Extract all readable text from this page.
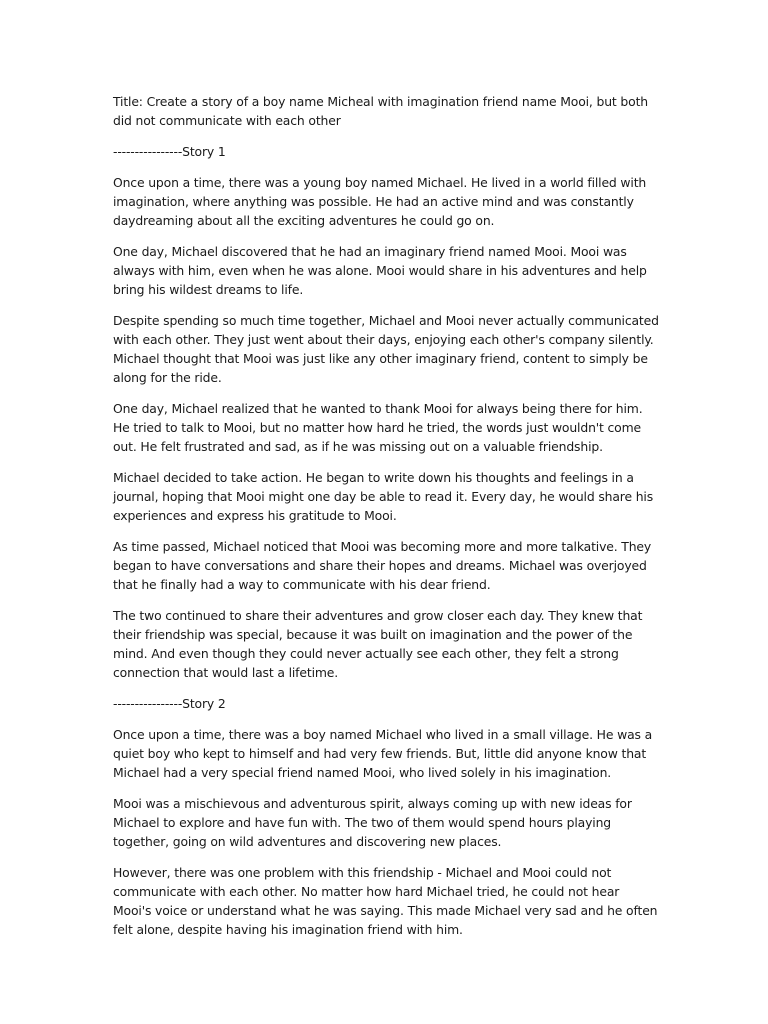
Title: Create a story of a boy name Micheal with imagination friend name Mooi, but both did not communicate with each other

----------------Story 1

Once upon a time, there was a young boy named Michael. He lived in a world filled with imagination, where anything was possible. He had an active mind and was constantly daydreaming about all the exciting adventures he could go on.

One day, Michael discovered that he had an imaginary friend named Mooi. Mooi was always with him, even when he was alone. Mooi would share in his adventures and help bring his wildest dreams to life.

Despite spending so much time together, Michael and Mooi never actually communicated with each other. They just went about their days, enjoying each other's company silently. Michael thought that Mooi was just like any other imaginary friend, content to simply be along for the ride.

One day, Michael realized that he wanted to thank Mooi for always being there for him. He tried to talk to Mooi, but no matter how hard he tried, the words just wouldn't come out. He felt frustrated and sad, as if he was missing out on a valuable friendship.

Michael decided to take action. He began to write down his thoughts and feelings in a journal, hoping that Mooi might one day be able to read it. Every day, he would share his experiences and express his gratitude to Mooi.

As time passed, Michael noticed that Mooi was becoming more and more talkative. They began to have conversations and share their hopes and dreams. Michael was overjoyed that he finally had a way to communicate with his dear friend.

The two continued to share their adventures and grow closer each day. They knew that their friendship was special, because it was built on imagination and the power of the mind. And even though they could never actually see each other, they felt a strong connection that would last a lifetime.

----------------Story 2

Once upon a time, there was a boy named Michael who lived in a small village. He was a quiet boy who kept to himself and had very few friends. But, little did anyone know that Michael had a very special friend named Mooi, who lived solely in his imagination.

Mooi was a mischievous and adventurous spirit, always coming up with new ideas for Michael to explore and have fun with. The two of them would spend hours playing together, going on wild adventures and discovering new places.

However, there was one problem with this friendship - Michael and Mooi could not communicate with each other. No matter how hard Michael tried, he could not hear Mooi's voice or understand what he was saying. This made Michael very sad and he often felt alone, despite having his imagination friend with him.
